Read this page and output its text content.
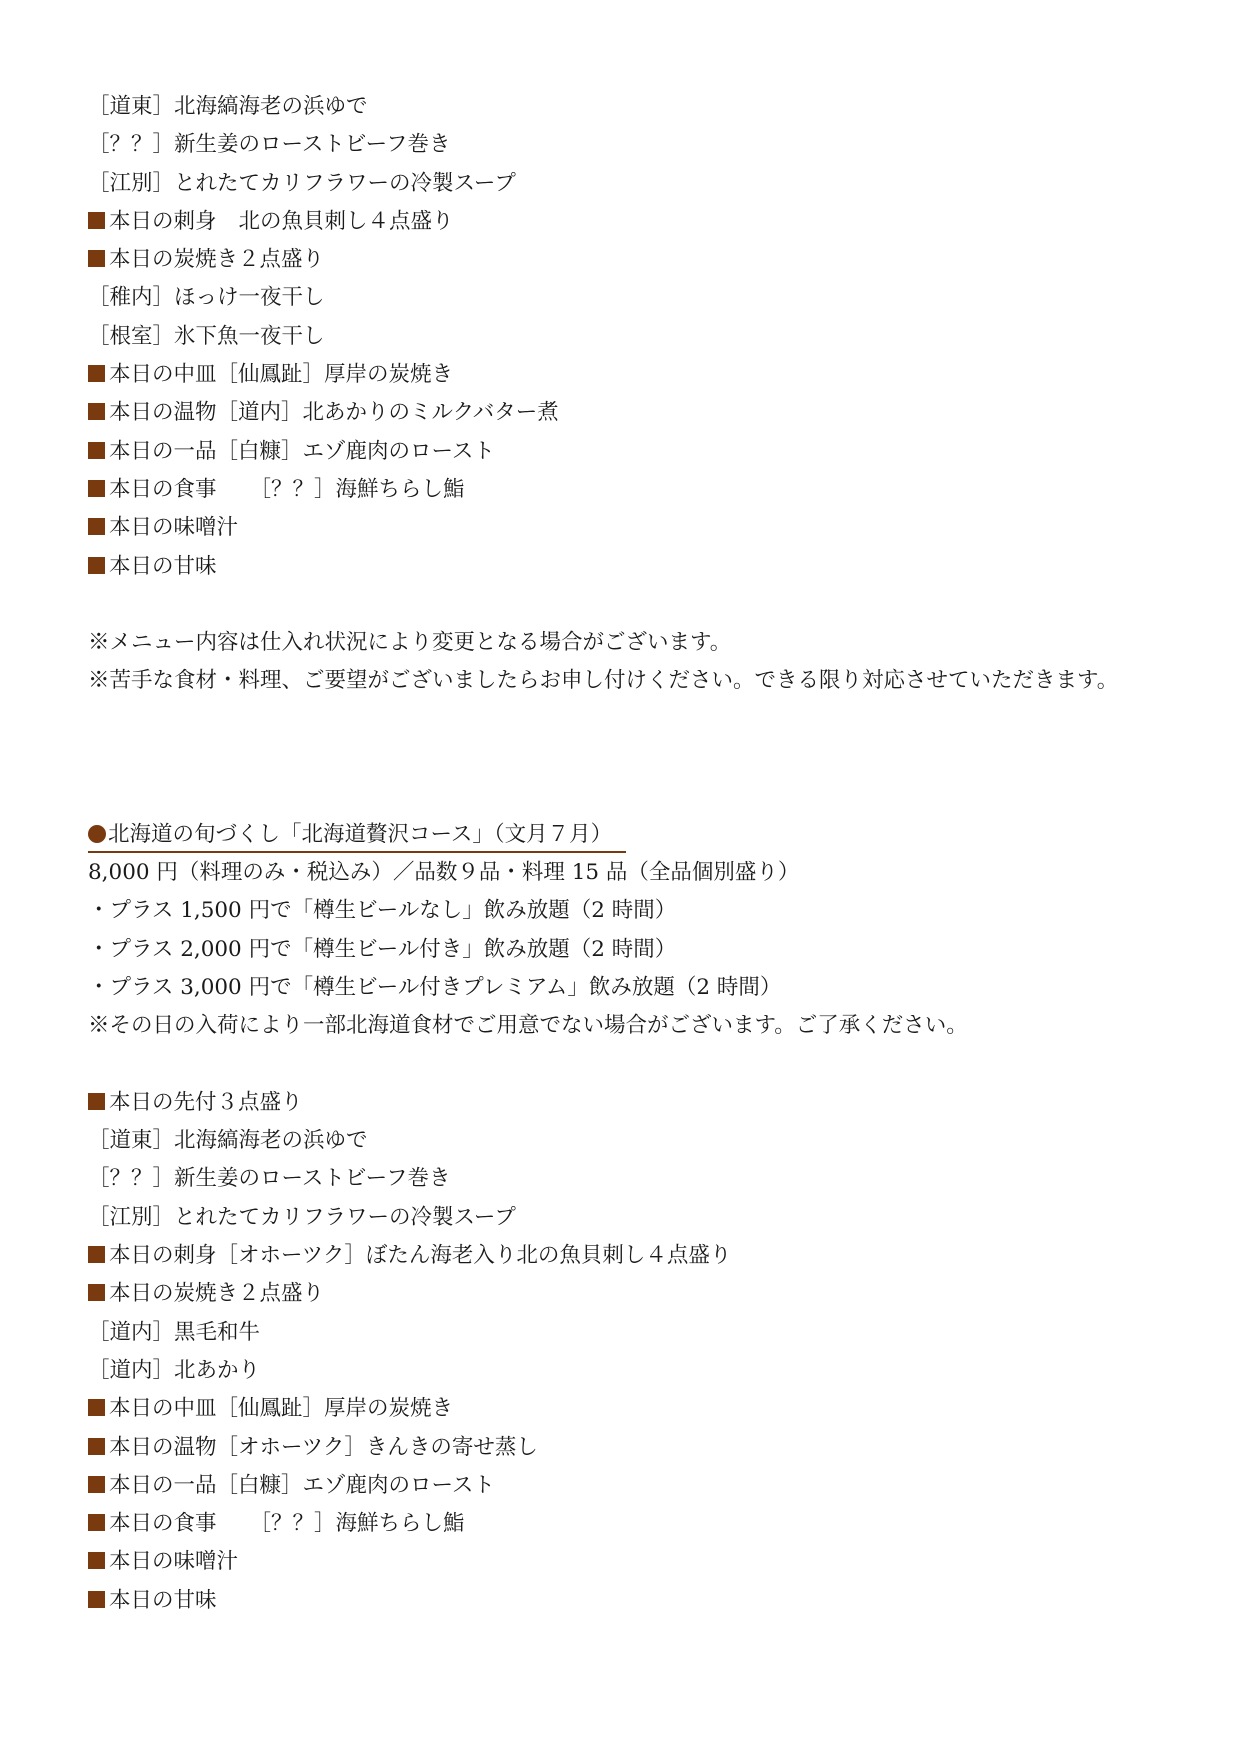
［道東］北海縞海老の浜ゆで
［？？］新生姜のローストビーフ巻き
［江別］とれたてカリフラワーの冷製スープ
本日の刺身 北の魚貝刺し４点盛り
本日の炭焼き２点盛り
［稚内］ほっけ一夜干し
［根室］氷下魚一夜干し
本日の中皿［仙鳳趾］厚岸の炭焼き
本日の温物［道内］北あかりのミルクバター煮
本日の一品［白糠］エゾ鹿肉のロースト
本日の食事 ［？？］海鮮ちらし鮨
本日の味噌汁
本日の甘味
※メニュー内容は仕入れ状況により変更となる場合がございます。
※苦手な食材・料理、ご要望がございましたらお申し付けください。できる限り対応させていただきます。
北海道の旬づくし「北海道贅沢コース」（文月７月）
8,000 円（料理のみ・税込み）／品数９品・料理 15 品（全品個別盛り）
・プラス 1,500 円で「樽生ビールなし」飲み放題（2 時間）
・プラス 2,000 円で「樽生ビール付き」飲み放題（2 時間）
・プラス 3,000 円で「樽生ビール付きプレミアム」飲み放題（2 時間）
※その日の入荷により一部北海道食材でご用意でない場合がございます。ご了承ください。
本日の先付３点盛り
［道東］北海縞海老の浜ゆで
［？？］新生姜のローストビーフ巻き
［江別］とれたてカリフラワーの冷製スープ
本日の刺身［オホーツク］ぼたん海老入り北の魚貝刺し４点盛り
本日の炭焼き２点盛り
［道内］黒毛和牛
［道内］北あかり
本日の中皿［仙鳳趾］厚岸の炭焼き
本日の温物［オホーツク］きんきの寄せ蒸し
本日の一品［白糠］エゾ鹿肉のロースト
本日の食事 ［？？］海鮮ちらし鮨
本日の味噌汁
本日の甘味
